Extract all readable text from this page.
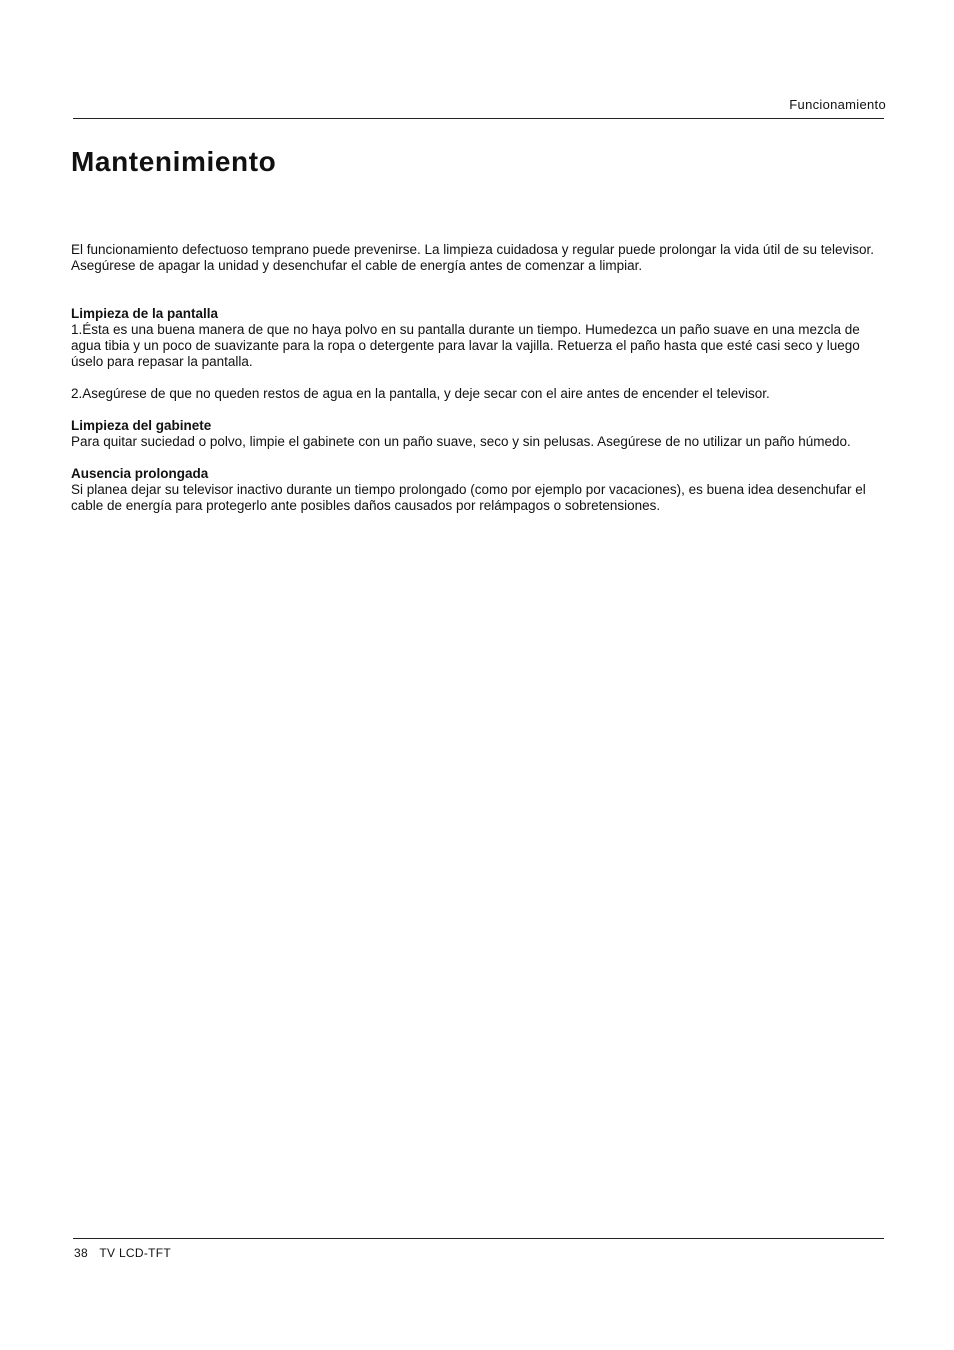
Funcionamiento
Mantenimiento

El funcionamiento defectuoso temprano puede prevenirse. La limpieza cuidadosa y regular puede prolongar la vida útil de su televisor. Asegúrese de apagar la unidad y desenchufar el cable de energía antes de comenzar a limpiar.

Limpieza de la pantalla

1.Ésta es una buena manera de que no haya polvo en su pantalla durante un tiempo. Humedezca un paño suave en una mezcla de agua tibia y un poco de suavizante para la ropa o detergente para lavar la vajilla. Retuerza el paño hasta que esté casi seco y luego úselo para repasar la pantalla.

2.Asegúrese de que no queden restos de agua en la pantalla, y deje secar con el aire antes de encender el televisor.

Limpieza del gabinete

Para quitar suciedad o polvo, limpie el gabinete con un paño suave, seco y sin pelusas. Asegúrese de no utilizar un paño húmedo.

Ausencia prolongada

Si planea dejar su televisor inactivo durante un tiempo prolongado (como por ejemplo por vacaciones), es buena idea desenchufar el cable de energía para protegerlo ante posibles daños causados por relámpagos o sobretensiones.

38 TV LCD-TFT
